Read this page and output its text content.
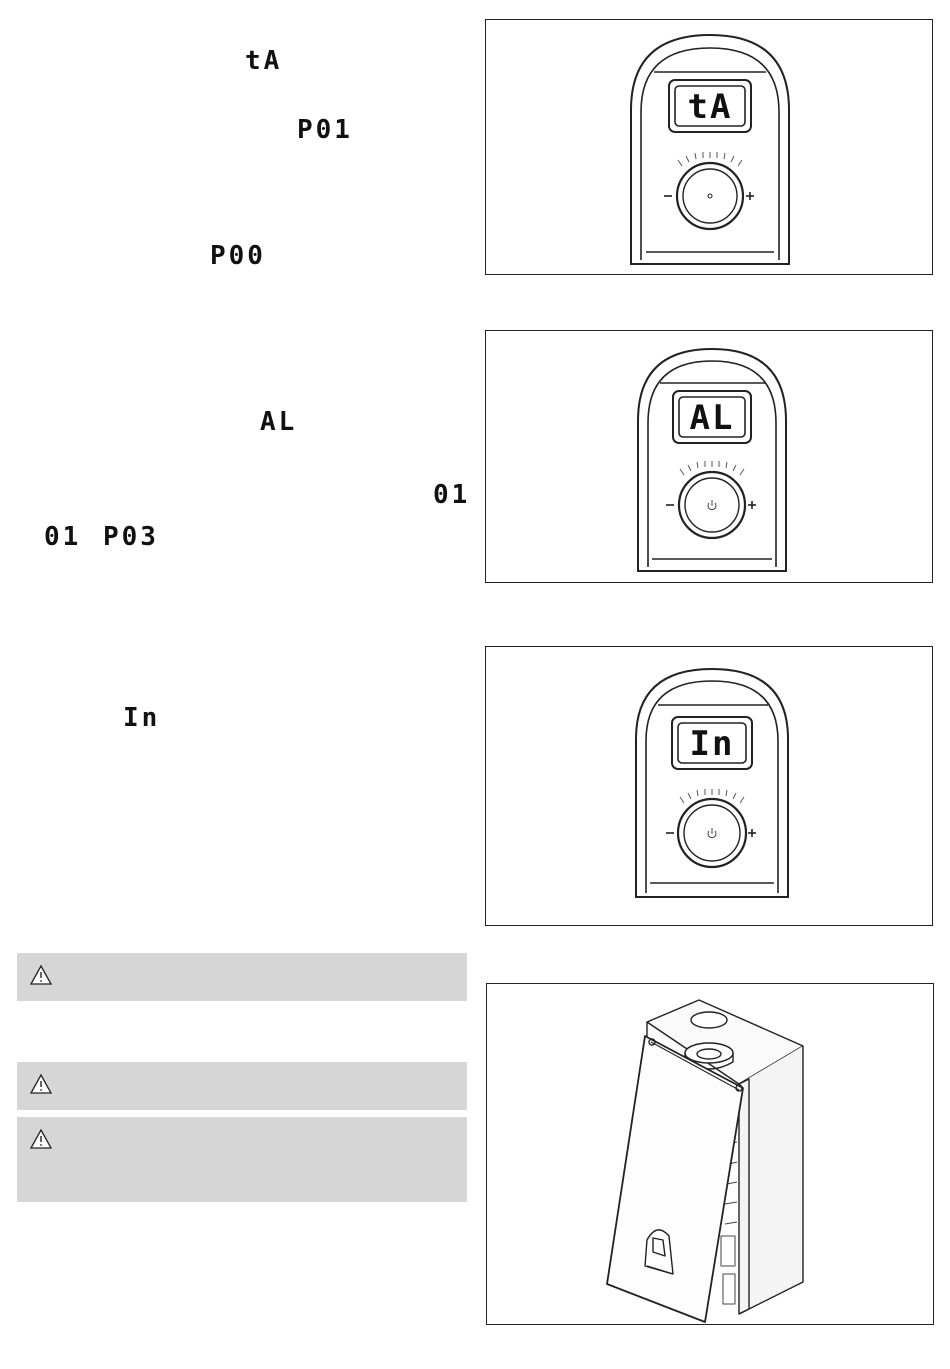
tA
P01
P00
AL
01
01 P03
In
tA
AL
In
